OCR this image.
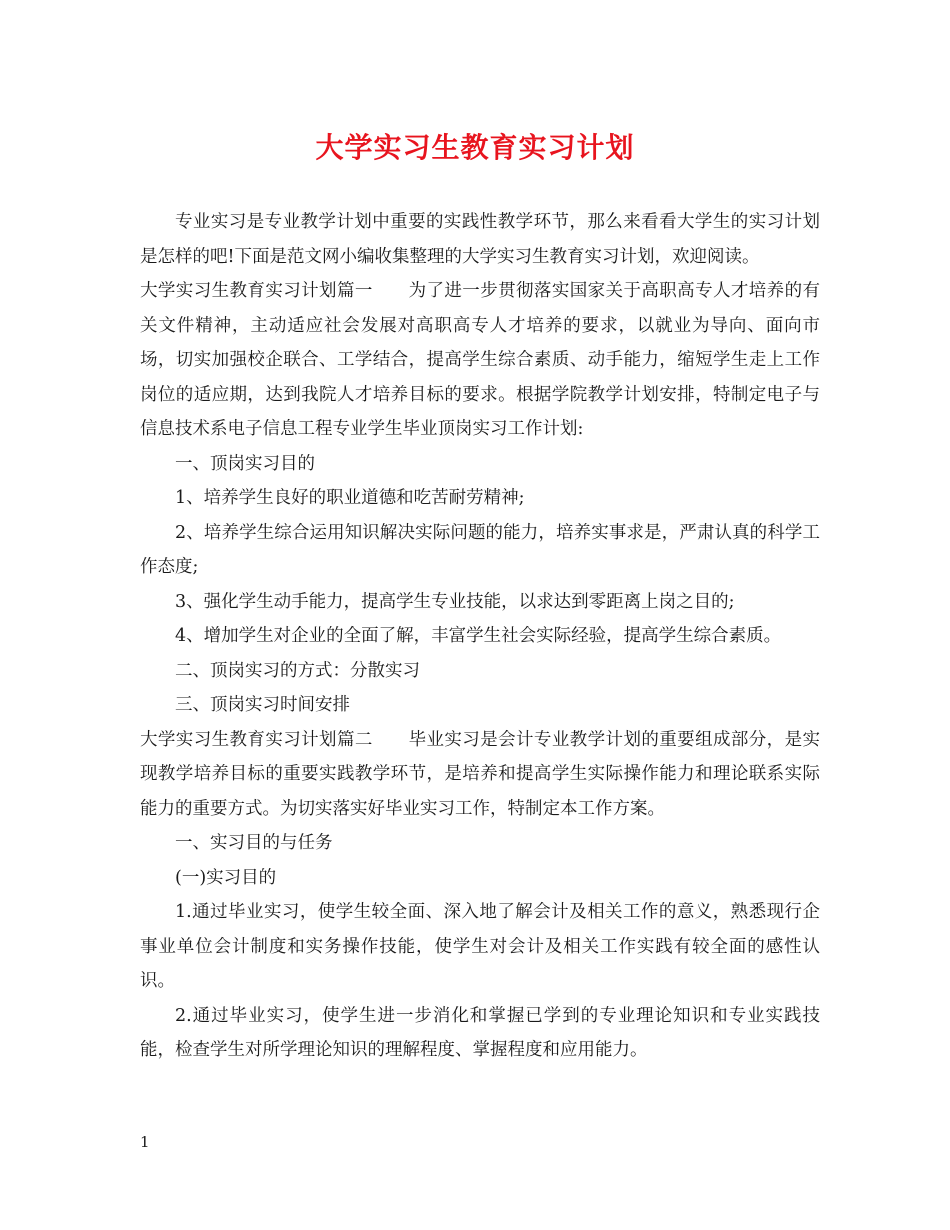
大学实习生教育实习计划

专业实习是专业教学计划中重要的实践性教学环节，那么来看看大学生的实习计划是怎样的吧!下面是范文网小编收集整理的大学实习生教育实习计划，欢迎阅读。

大学实习生教育实习计划篇一　　为了进一步贯彻落实国家关于高职高专人才培养的有关文件精神，主动适应社会发展对高职高专人才培养的要求，以就业为导向、面向市场，切实加强校企联合、工学结合，提高学生综合素质、动手能力，缩短学生走上工作岗位的适应期，达到我院人才培养目标的要求。根据学院教学计划安排，特制定电子与信息技术系电子信息工程专业学生毕业顶岗实习工作计划:

一、顶岗实习目的

1、培养学生良好的职业道德和吃苦耐劳精神;

2、培养学生综合运用知识解决实际问题的能力，培养实事求是，严肃认真的科学工作态度;

3、强化学生动手能力，提高学生专业技能，以求达到零距离上岗之目的;

4、增加学生对企业的全面了解，丰富学生社会实际经验，提高学生综合素质。

二、顶岗实习的方式：分散实习

三、顶岗实习时间安排

大学实习生教育实习计划篇二　　毕业实习是会计专业教学计划的重要组成部分，是实现教学培养目标的重要实践教学环节，是培养和提高学生实际操作能力和理论联系实际能力的重要方式。为切实落实好毕业实习工作，特制定本工作方案。

一、实习目的与任务

(一)实习目的

1.通过毕业实习，使学生较全面、深入地了解会计及相关工作的意义，熟悉现行企事业单位会计制度和实务操作技能，使学生对会计及相关工作实践有较全面的感性认识。

2.通过毕业实习，使学生进一步消化和掌握已学到的专业理论知识和专业实践技能，检查学生对所学理论知识的理解程度、掌握程度和应用能力。

1
